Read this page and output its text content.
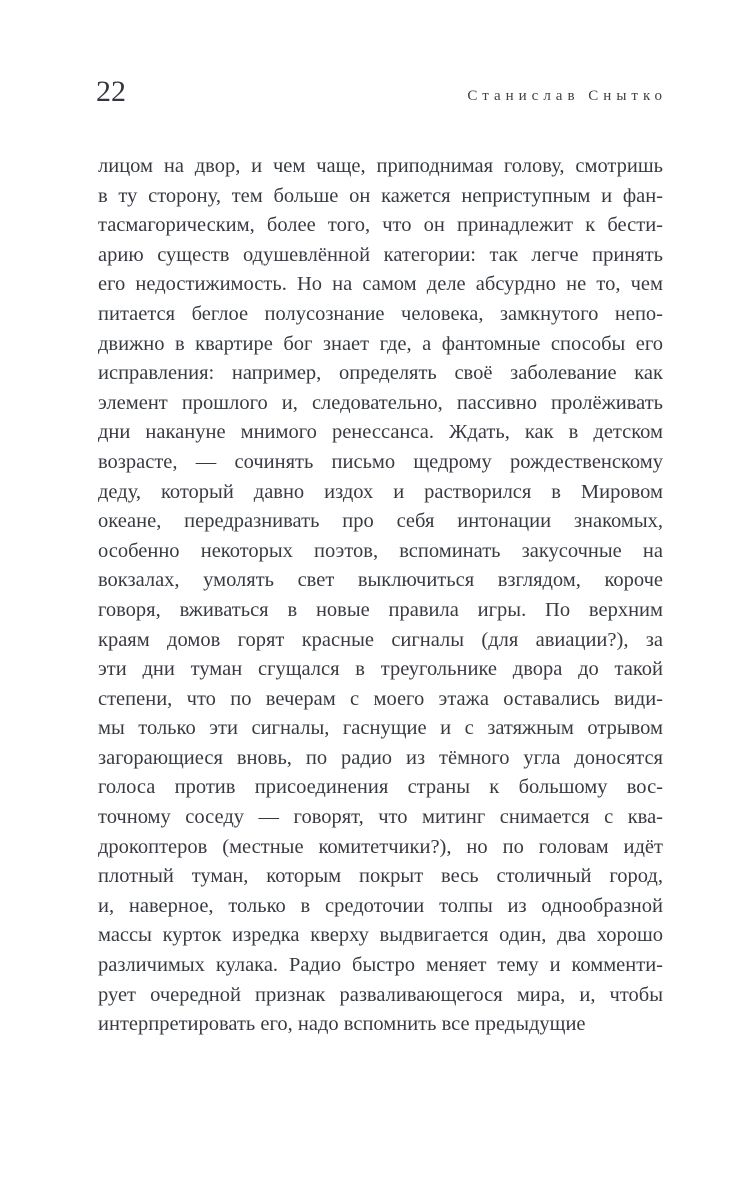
22	Станислав Снытко
лицом на двор, и чем чаще, приподнимая голову, смотришь
в ту сторону, тем больше он кажется неприступным и фан-
тасмагорическим, более того, что он принадлежит к бести-
арию существ одушевлённой категории: так легче принять
его недостижимость. Но на самом деле абсурдно не то, чем
питается беглое полусознание человека, замкнутого непо-
движно в квартире бог знает где, а фантомные способы его
исправления: например, определять своё заболевание как
элемент прошлого и, следовательно, пассивно пролёживать
дни накануне мнимого ренессанса. Ждать, как в детском
возрасте, — сочинять письмо щедрому рождественскому
деду, который давно издох и растворился в Мировом
океане, передразнивать про себя интонации знакомых,
особенно некоторых поэтов, вспоминать закусочные на
вокзалах, умолять свет выключиться взглядом, короче
говоря, вживаться в новые правила игры. По верхним
краям домов горят красные сигналы (для авиации?), за
эти дни туман сгущался в треугольнике двора до такой
степени, что по вечерам с моего этажа оставались види-
мы только эти сигналы, гаснущие и с затяжным отрывом
загорающиеся вновь, по радио из тёмного угла доносятся
голоса против присоединения страны к большому вос-
точному соседу — говорят, что митинг снимается с ква-
дрокоптеров (местные комитетчики?), но по головам идёт
плотный туман, которым покрыт весь столичный город,
и, наверное, только в средоточии толпы из однообразной
массы курток изредка кверху выдвигается один, два хорошо
различимых кулака. Радио быстро меняет тему и комменти-
рует очередной признак разваливающегося мира, и, чтобы
интерпретировать его, надо вспомнить все предыдущие
